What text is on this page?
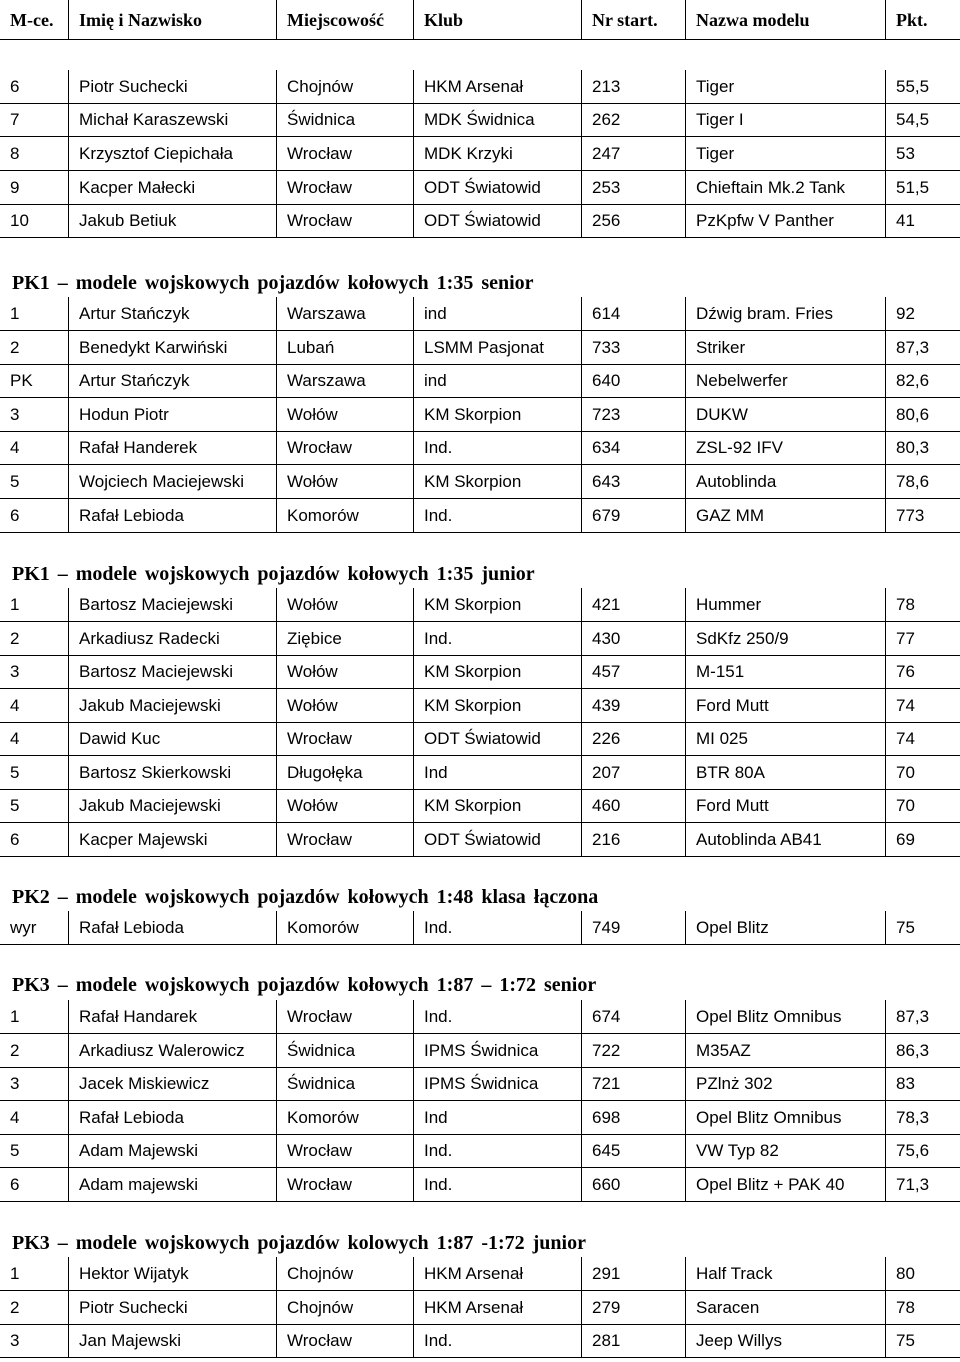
M-ce.	Imię i Nazwisko	Miejscowość	Klub	Nr start.	Nazwa modelu	Pkt.
6	Piotr Suchecki	Chojnów	HKM Arsenał	213	Tiger	55,5
7	Michał Karaszewski	Świdnica	MDK Świdnica	262	Tiger I	54,5
8	Krzysztof Ciepichała	Wrocław	MDK Krzyki	247	Tiger	53
9	Kacper Małecki	Wrocław	ODT Światowid	253	Chieftain Mk.2 Tank	51,5
10	Jakub Betiuk	Wrocław	ODT Światowid	256	PzKpfw V Panther	41
PK1 – modele wojskowych pojazdów kołowych 1:35 senior
1	Artur Stańczyk	Warszawa	ind	614	Dźwig bram. Fries	92
2	Benedykt Karwiński	Lubań	LSMM Pasjonat	733	Striker	87,3
PK	Artur Stańczyk	Warszawa	ind	640	Nebelwerfer	82,6
3	Hodun Piotr	Wołów	KM Skorpion	723	DUKW	80,6
4	Rafał Handerek	Wrocław	Ind.	634	ZSL-92 IFV	80,3
5	Wojciech Maciejewski	Wołów	KM Skorpion	643	Autoblinda	78,6
6	Rafał Lebioda	Komorów	Ind.	679	GAZ MM	773
PK1 – modele wojskowych pojazdów kołowych 1:35 junior
1	Bartosz Maciejewski	Wołów	KM Skorpion	421	Hummer	78
2	Arkadiusz Radecki	Ziębice	Ind.	430	SdKfz 250/9	77
3	Bartosz Maciejewski	Wołów	KM Skorpion	457	M-151	76
4	Jakub Maciejewski	Wołów	KM Skorpion	439	Ford Mutt	74
4	Dawid Kuc	Wrocław	ODT Światowid	226	MI 025	74
5	Bartosz Skierkowski	Długołęka	Ind	207	BTR 80A	70
5	Jakub Maciejewski	Wołów	KM Skorpion	460	Ford Mutt	70
6	Kacper Majewski	Wrocław	ODT Światowid	216	Autoblinda AB41	69
PK2 – modele wojskowych pojazdów kołowych 1:48 klasa łączona
wyr	Rafał Lebioda	Komorów	Ind.	749	Opel Blitz	75
PK3 – modele wojskowych pojazdów kołowych 1:87 – 1:72 senior
1	Rafał Handarek	Wrocław	Ind.	674	Opel Blitz Omnibus	87,3
2	Arkadiusz Walerowicz	Świdnica	IPMS Świdnica	722	M35AZ	86,3
3	Jacek Miskiewicz	Świdnica	IPMS Świdnica	721	PZlnż 302	83
4	Rafał Lebioda	Komorów	Ind	698	Opel Blitz Omnibus	78,3
5	Adam Majewski	Wrocław	Ind.	645	VW Typ 82	75,6
6	Adam majewski	Wrocław	Ind.	660	Opel Blitz + PAK 40	71,3
PK3 – modele wojskowych pojazdów kolowych 1:87 -1:72 junior
1	Hektor Wijatyk	Chojnów	HKM Arsenał	291	Half Track	80
2	Piotr Suchecki	Chojnów	HKM Arsenał	279	Saracen	78
3	Jan Majewski	Wrocław	Ind.	281	Jeep Willys	75
